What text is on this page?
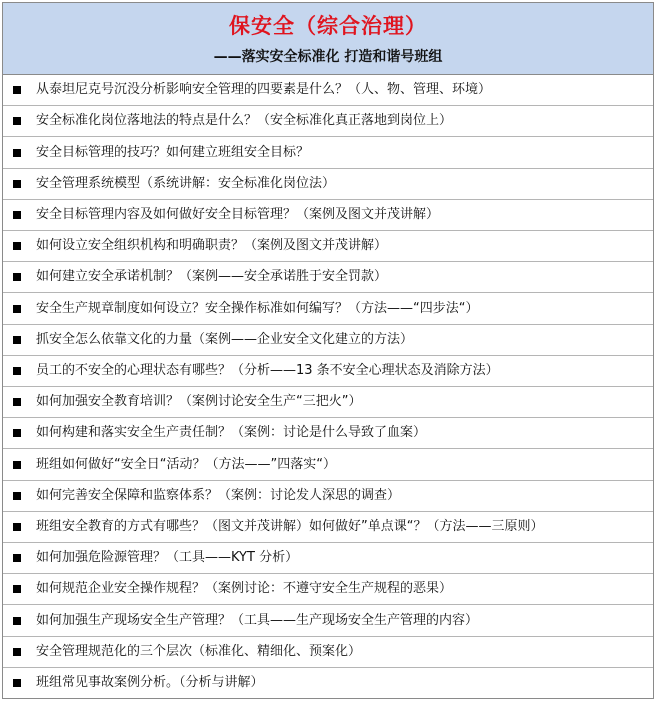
保安全（综合治理）
——落实安全标准化 打造和谐号班组
从泰坦尼克号沉没分析影响安全管理的四要素是什么？（人、物、管理、环境）
安全标准化岗位落地法的特点是什么？（安全标准化真正落地到岗位上）
安全目标管理的技巧？如何建立班组安全目标？
安全管理系统模型（系统讲解：安全标准化岗位法）
安全目标管理内容及如何做好安全目标管理？（案例及图文并茂讲解）
如何设立安全组织机构和明确职责？（案例及图文并茂讲解）
如何建立安全承诺机制？（案例——安全承诺胜于安全罚款）
安全生产规章制度如何设立？安全操作标准如何编写？（方法——“四步法“）
抓安全怎么依靠文化的力量（案例——企业安全文化建立的方法）
员工的不安全的心理状态有哪些？（分析——13 条不安全心理状态及消除方法）
如何加强安全教育培训？（案例讨论安全生产“三把火”）
如何构建和落实安全生产责任制？（案例：讨论是什么导致了血案）
班组如何做好“安全日“活动？（方法——”四落实“）
如何完善安全保障和监察体系？（案例：讨论发人深思的调查）
班组安全教育的方式有哪些？（图文并茂讲解）如何做好”单点课“？（方法——三原则）
如何加强危险源管理？（工具——KYT 分析）
如何规范企业安全操作规程？（案例讨论：不遵守安全生产规程的恶果）
如何加强生产现场安全生产管理？（工具——生产现场安全生产管理的内容）
安全管理规范化的三个层次（标准化、精细化、预案化）
班组常见事故案例分析。（分析与讲解）
